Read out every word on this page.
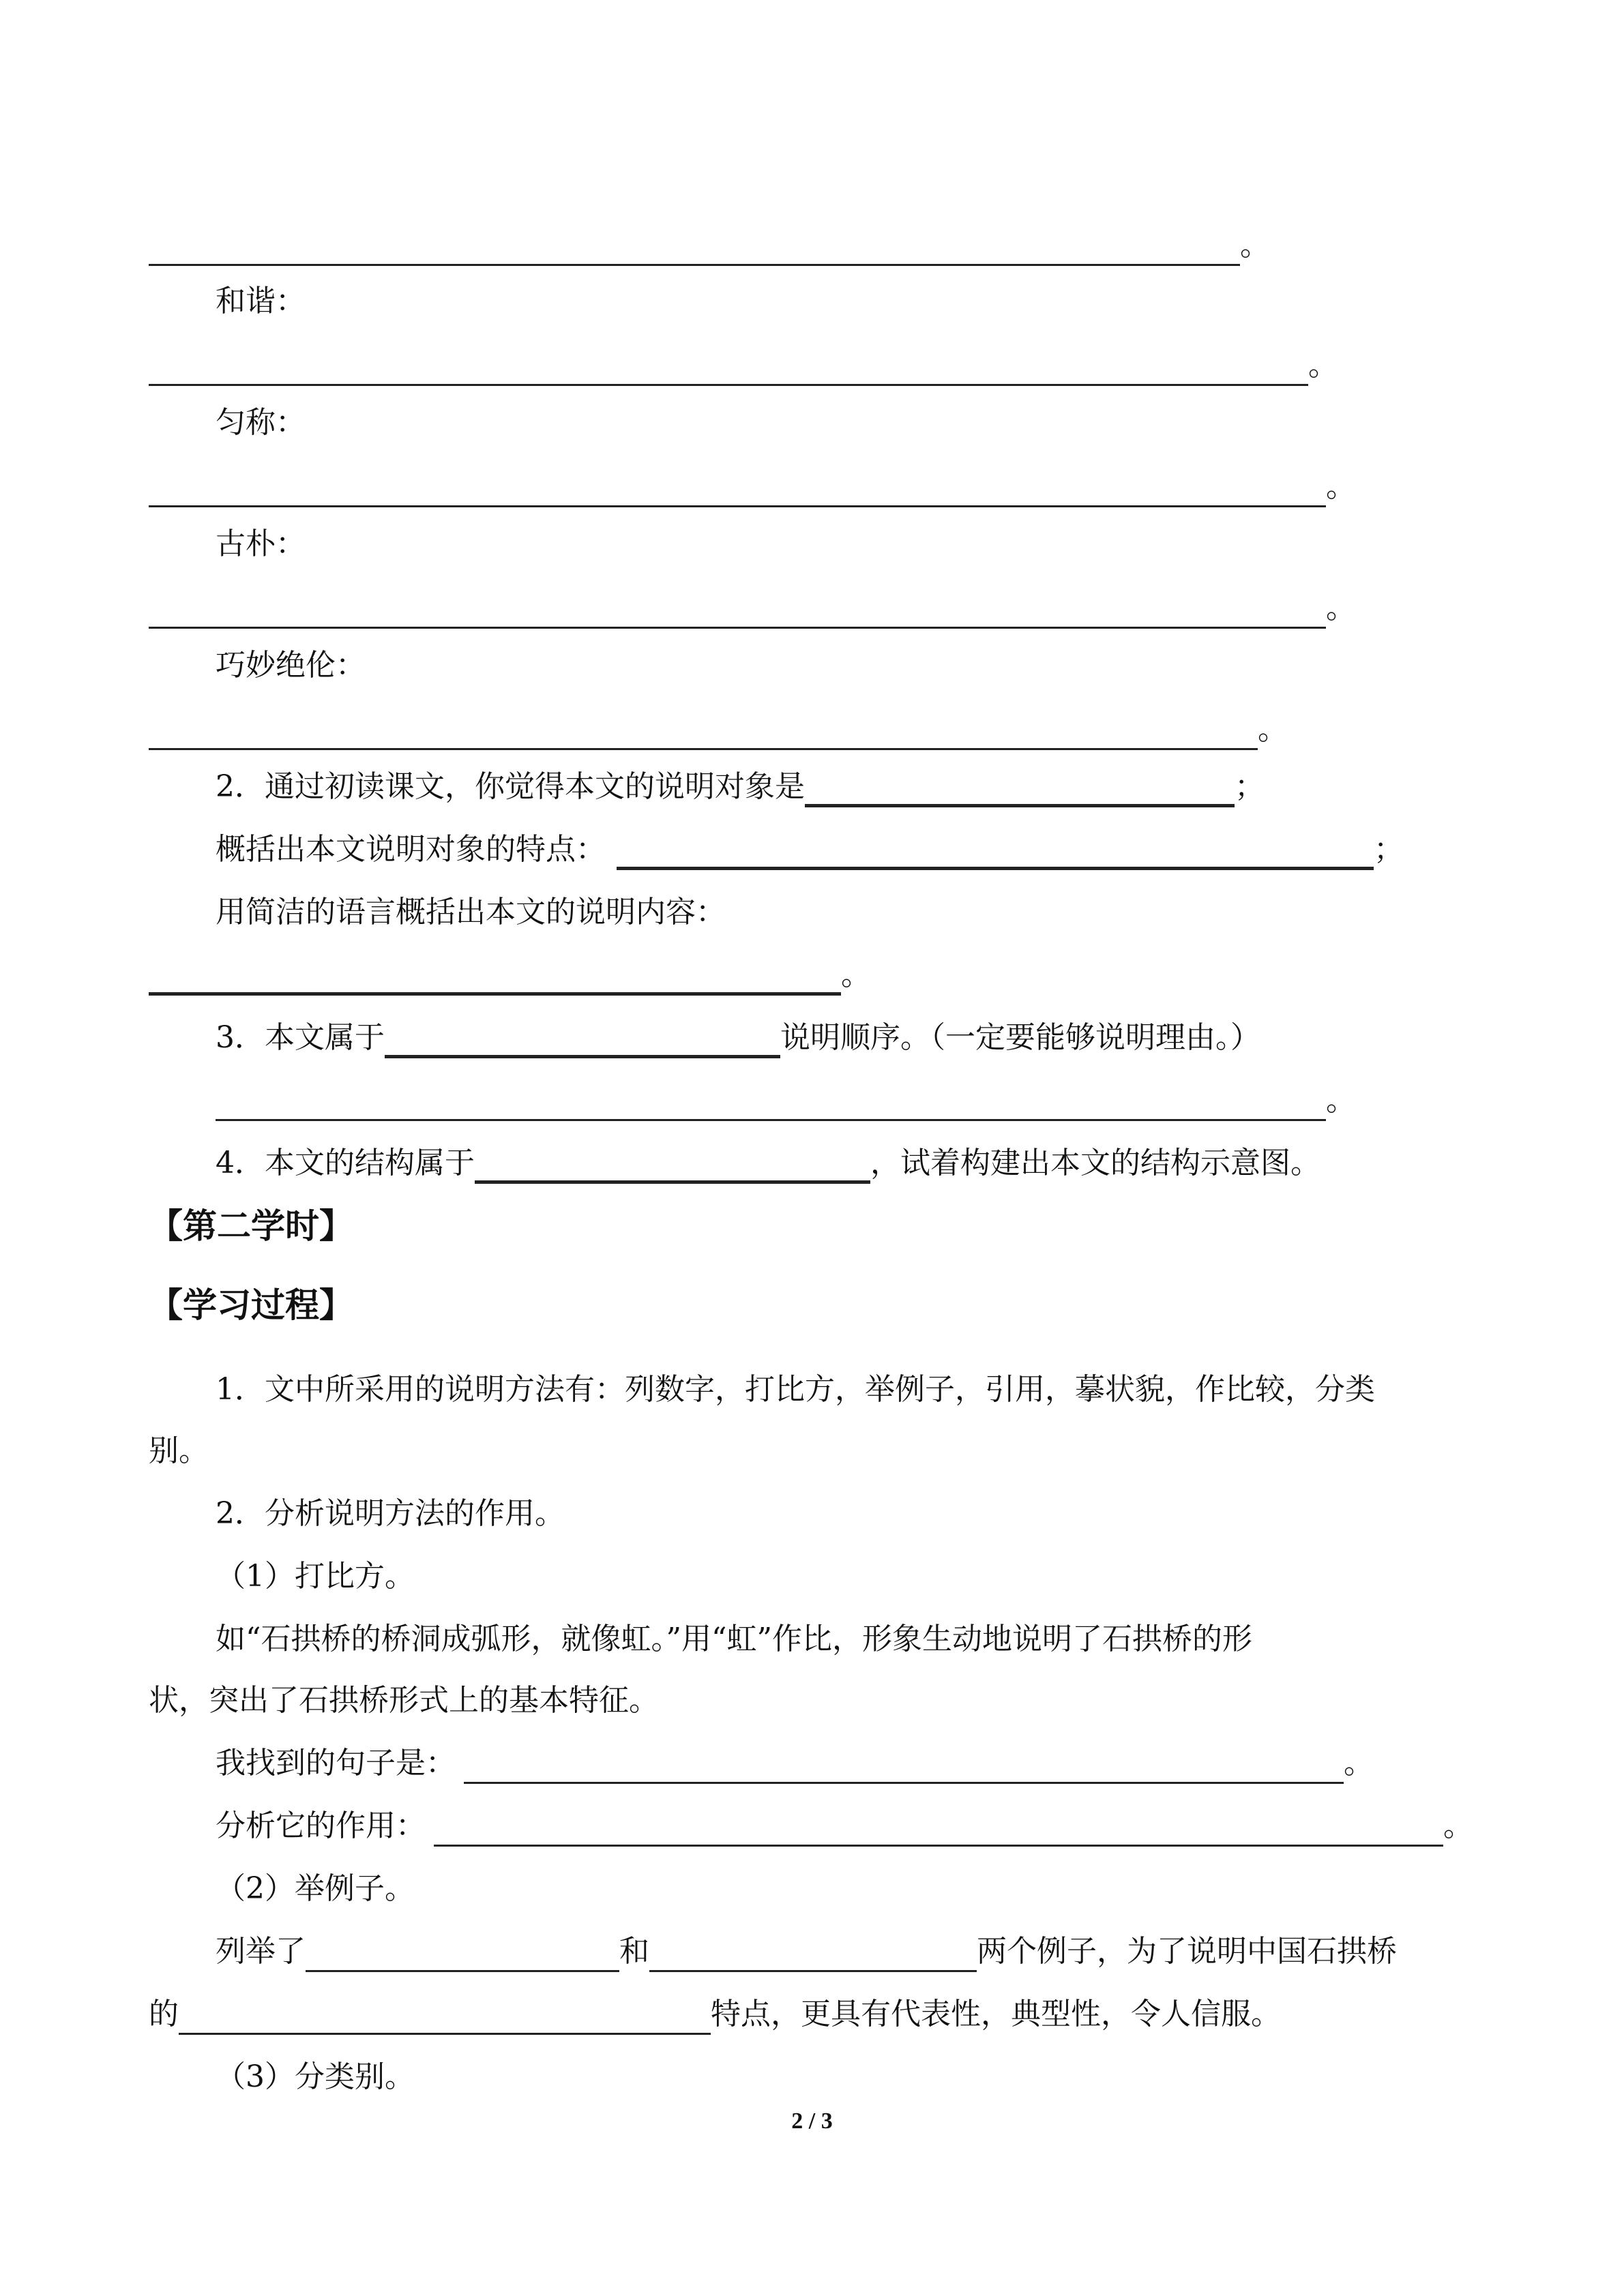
。
和谐：
。
匀称：
。
古朴：
。
巧妙绝伦：
。
2．通过初读课文，你觉得本文的说明对象是	；
概括出本文说明对象的特点：	；
用简洁的语言概括出本文的说明内容：
。
3．本文属于	说明顺序。（一定要能够说明理由。）
。
4．本文的结构属于	，试着构建出本文的结构示意图。
【第二学时】
【学习过程】
1．文中所采用的说明方法有：列数字，打比方，举例子，引用，摹状貌，作比较，分类
别。
2．分析说明方法的作用。
（1）打比方。
如“石拱桥的桥洞成弧形，就像虹。”用“虹”作比，形象生动地说明了石拱桥的形
状，突出了石拱桥形式上的基本特征。
我找到的句子是：	。
分析它的作用：	。
（2）举例子。
列举了	和	两个例子，为了说明中国石拱桥
的	特点，更具有代表性，典型性，令人信服。
（3）分类别。
2 / 3
